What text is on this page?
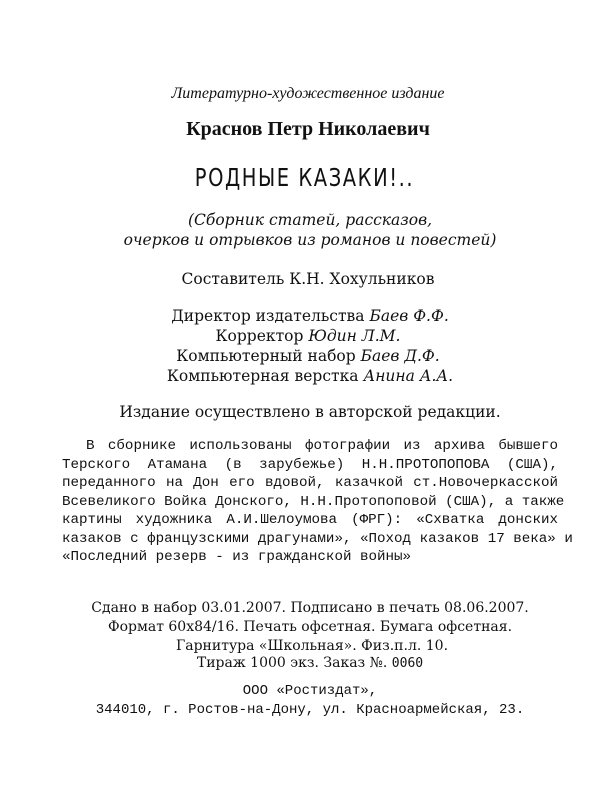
Литературно-художественное издание
Краснов Петр Николаевич
РОДНЫЕ КАЗАКИ!..
(Сборник статей, рассказов,
очерков и отрывков из романов и повестей)
Составитель К.Н. Хохульников
Директор издательства Баев Ф.Ф.
Корректор Юдин Л.М.
Компьютерный набор Баев Д.Ф.
Компьютерная верстка Анина А.А.
Издание осуществлено в авторской редакции.
В сборнике использованы фотографии из архива бывшего
Терского Атамана (в зарубежье) Н.Н.ПРОТОПОПОВА (США),
переданного на Дон его вдовой, казачкой ст.Новочеркасской
Всевеликого Войка Донского, Н.Н.Протопоповой (США), а также
картины художника А.И.Шелоумова (ФРГ): «Схватка донских
казаков с французскими драгунами», «Поход казаков 17 века» и
«Последний резерв - из гражданской войны»
Сдано в набор 03.01.2007. Подписано в печать 08.06.2007.
Формат 60х84/16. Печать офсетная. Бумага офсетная.
Гарнитура «Школьная». Физ.п.л. 10.
Тираж 1000 экз. Заказ №. 0060
ООО «Ростиздат»,
344010, г. Ростов-на-Дону, ул. Красноармейская, 23.
